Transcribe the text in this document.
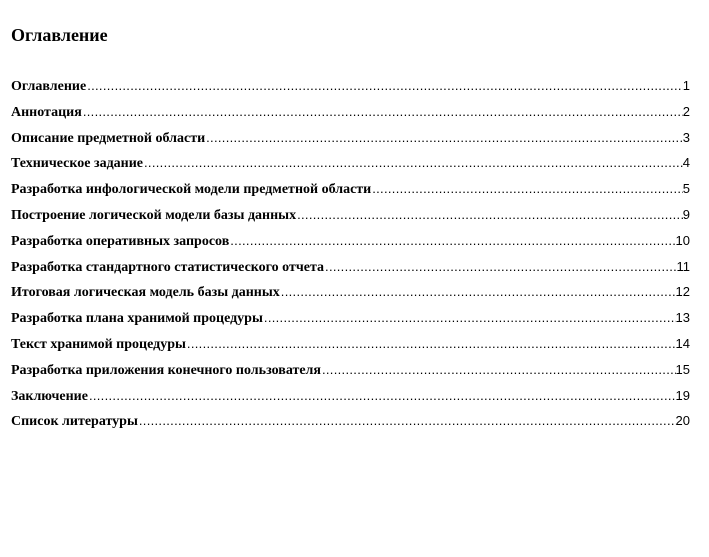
Оглавление
Оглавление .....	1
Аннотация .....	2
Описание предметной области .....	3
Техническое задание .....	4
Разработка инфологической модели предметной области .....	5
Построение логической модели базы данных .....	9
Разработка оперативных запросов .....	10
Разработка стандартного статистического отчета .....	11
Итоговая логическая модель базы данных .....	12
Разработка плана хранимой процедуры .....	13
Текст хранимой процедуры .....	14
Разработка приложения конечного пользователя .....	15
Заключение .....	19
Список литературы .....	20
